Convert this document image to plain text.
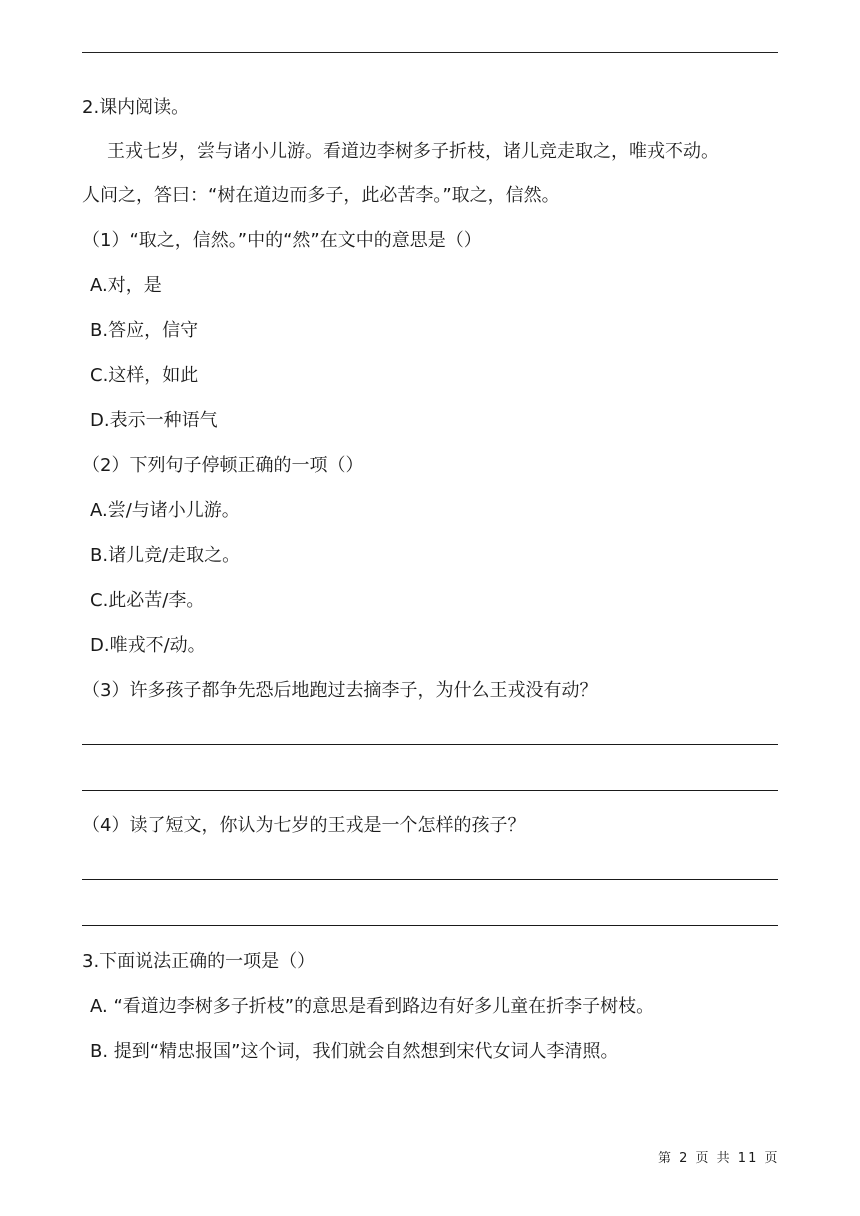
2.课内阅读。
王戎七岁，尝与诸小儿游。看道边李树多子折枝，诸儿竞走取之，唯戎不动。
人问之，答曰：“树在道边而多子，此必苦李。”取之，信然。
（1）“取之，信然。”中的“然”在文中的意思是（）
A.对，是
B.答应，信守
C.这样，如此
D.表示一种语气
（2）下列句子停顿正确的一项（）
A.尝/与诸小儿游。
B.诸儿竞/走取之。
C.此必苦/李。
D.唯戎不/动。
（3）许多孩子都争先恐后地跑过去摘李子，为什么王戎没有动？
（4）读了短文，你认为七岁的王戎是一个怎样的孩子？
3.下面说法正确的一项是（）
A. “看道边李树多子折枝”的意思是看到路边有好多儿童在折李子树枝。
B. 提到“精忠报国”这个词，我们就会自然想到宋代女词人李清照。
第 2 页 共 11 页
